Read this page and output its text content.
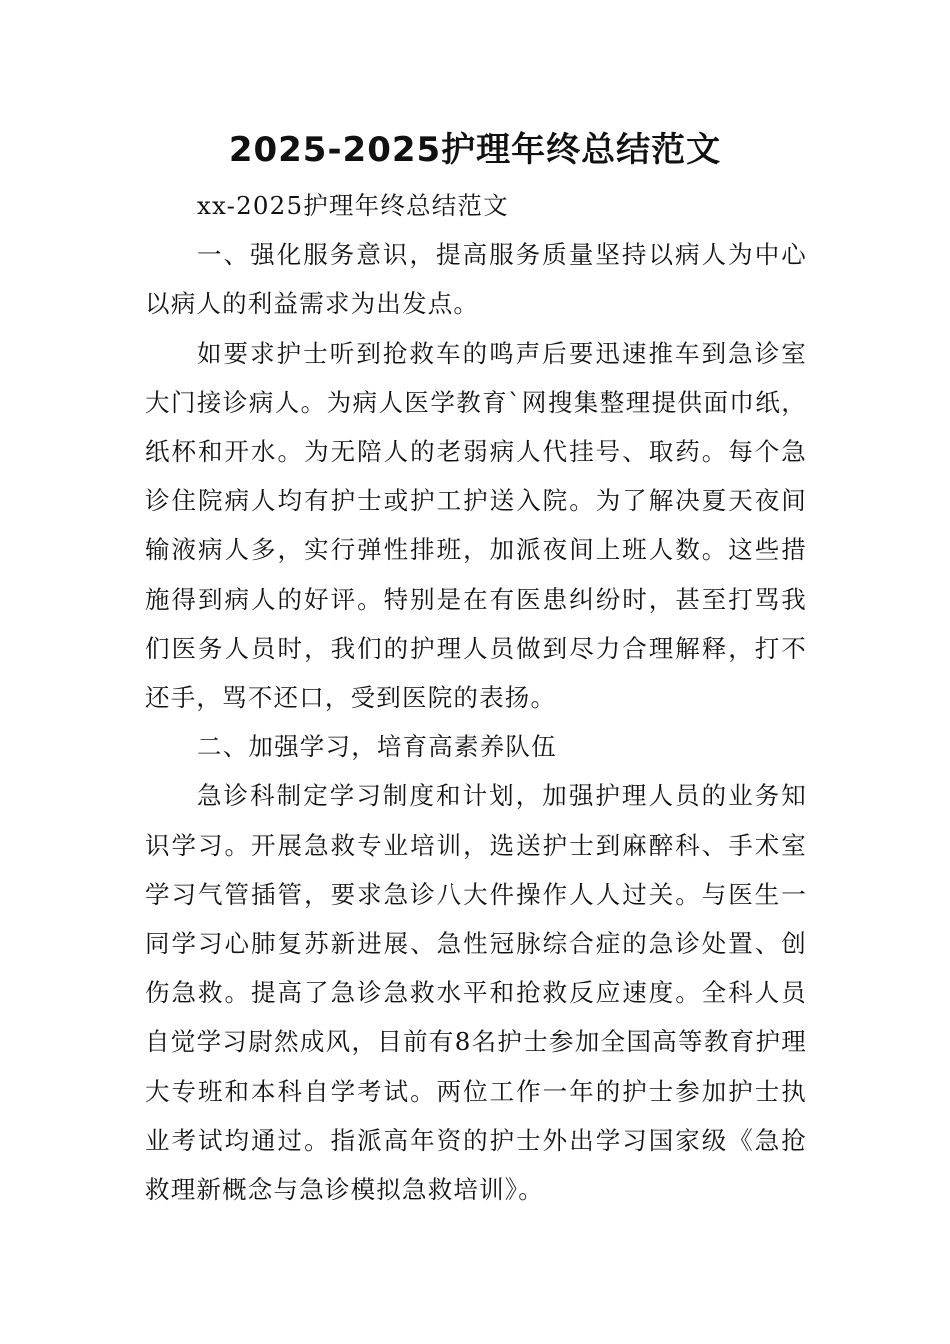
2025-2025护理年终总结范文

xx-2025护理年终总结范文

一、强化服务意识，提高服务质量坚持以病人为中心以病人的利益需求为出发点。

如要求护士听到抢救车的鸣声后要迅速推车到急诊室大门接诊病人。为病人医学教育`网搜集整理提供面巾纸，纸杯和开水。为无陪人的老弱病人代挂号、取药。每个急诊住院病人均有护士或护工护送入院。为了解决夏天夜间输液病人多，实行弹性排班，加派夜间上班人数。这些措施得到病人的好评。特别是在有医患纠纷时，甚至打骂我们医务人员时，我们的护理人员做到尽力合理解释，打不还手，骂不还口，受到医院的表扬。

二、加强学习，培育高素养队伍

急诊科制定学习制度和计划，加强护理人员的业务知识学习。开展急救专业培训，选送护士到麻醉科、手术室学习气管插管，要求急诊八大件操作人人过关。与医生一同学习心肺复苏新进展、急性冠脉综合症的急诊处置、创伤急救。提高了急诊急救水平和抢救反应速度。全科人员自觉学习尉然成风，目前有8名护士参加全国高等教育护理大专班和本科自学考试。两位工作一年的护士参加护士执业考试均通过。指派高年资的护士外出学习国家级《急抢救理新概念与急诊模拟急救培训》。
